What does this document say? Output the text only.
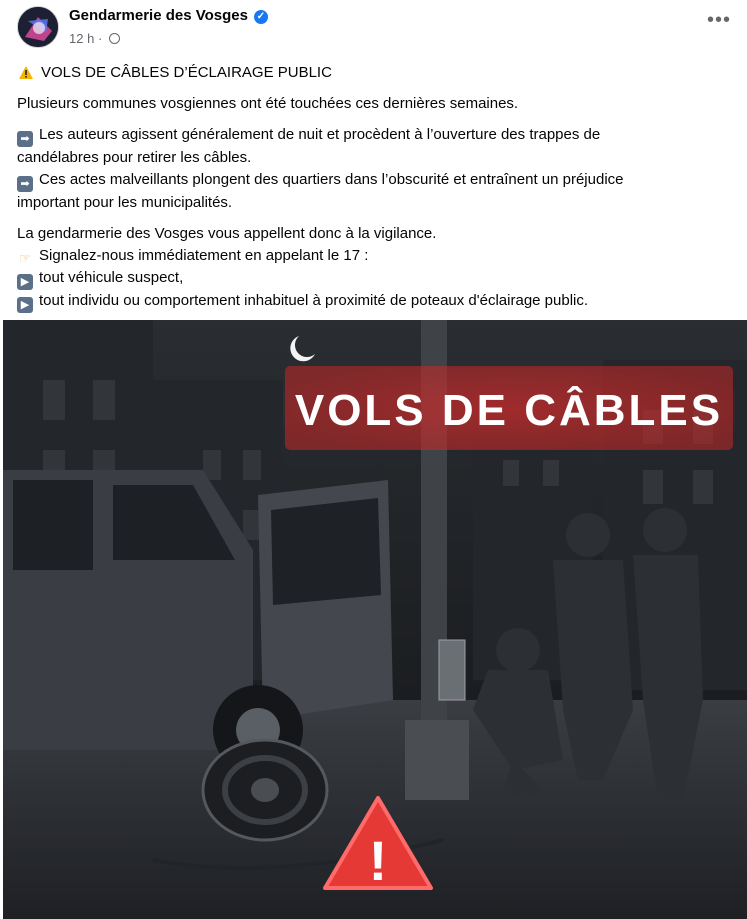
Gendarmerie des Vosges ✓
12 h ·
•••
VOLS DE CÂBLES D’ÉCLAIRAGE PUBLIC
Plusieurs communes vosgiennes ont été touchées ces dernières semaines.
➡ Les auteurs agissent généralement de nuit et procèdent à l’ouverture des trappes de
candélabres pour retirer les câbles.
➡ Ces actes malveillants plongent des quartiers dans l’obscurité et entraînent un préjudice
important pour les municipalités.
La gendarmerie des Vosges vous appellent donc à la vigilance.
☞ Signalez-nous immédiatement en appelant le 17 :
▶ tout véhicule suspect,
▶ tout individu ou comportement inhabituel à proximité de poteaux d'éclairage public.
VOLS DE CÂBLES
!
